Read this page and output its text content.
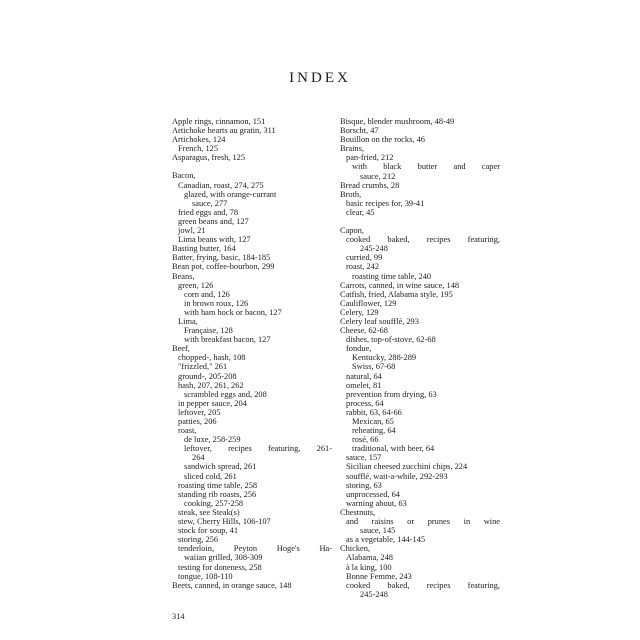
INDEX
Apple rings, cinnamon, 151
Artichoke hearts au gratin, 311
Artichokes, 124
French, 125
Asparagus, fresh, 125
Bacon,
Canadian, roast, 274, 275
glazed, with orange-currant
sauce, 277
fried eggs and, 78
green beans and, 127
jowl, 21
Lima beans with, 127
Basting butter, 164
Batter, frying, basic, 184-185
Bean pot, coffee-bourbon, 299
Beans,
green, 126
corn and, 126
in brown roux, 126
with ham hock or bacon, 127
Lima,
Française, 128
with breakfast bacon, 127
Beef,
chopped-, hash, 108
"frizzled," 261
ground-, 205-208
hash, 207, 261, 262
scrambled eggs and, 208
in pepper sauce, 204
leftover, 205
patties, 206
roast,
de luxe, 258-259
leftover, recipes featuring, 261-
264
sandwich spread, 261
sliced cold, 261
roasting time table, 258
standing rib roasts, 256
cooking, 257-258
steak, see Steak(s)
stew, Cherry Hills, 106-107
stock for soup, 41
storing, 256
tenderloin, Peyton Hoge's Ha-
waiian grilled, 308-309
testing for doneness, 258
tongue, 108-110
Beets, canned, in orange sauce, 148
Bisque, blender mushroom, 48-49
Borscht, 47
Bouillon on the rocks, 46
Brains,
pan-fried, 212
with black butter and caper
sauce, 212
Bread crumbs, 28
Broth,
basic recipes for, 39-41
clear, 45
Capon,
cooked baked, recipes featuring,
245-248
curried, 99
roast, 242
roasting time table, 240
Carrots, canned, in wine sauce, 148
Catfish, fried, Alabama style, 195
Cauliflower, 129
Celery, 129
Celery leaf soufflé, 293
Cheese, 62-68
dishes, top-of-stove, 62-68
fondue,
Kentucky, 288-289
Swiss, 67-68
natural, 64
omelet, 81
prevention from drying, 63
process, 64
rabbit, 63, 64-66
Mexican, 65
reheating, 64
rosé, 66
traditional, with beer, 64
sauce, 157
Sicilian cheesed zucchini chips, 224
soufflé, wait-a-while, 292-293
storing, 63
unprocessed, 64
warning about, 63
Chestnuts,
and raisins or prunes in wine
sauce, 145
as a vegetable, 144-145
Chicken,
Alabama, 248
à la king, 100
Bonne Femme, 243
cooked baked, recipes featuring,
245-248
314
